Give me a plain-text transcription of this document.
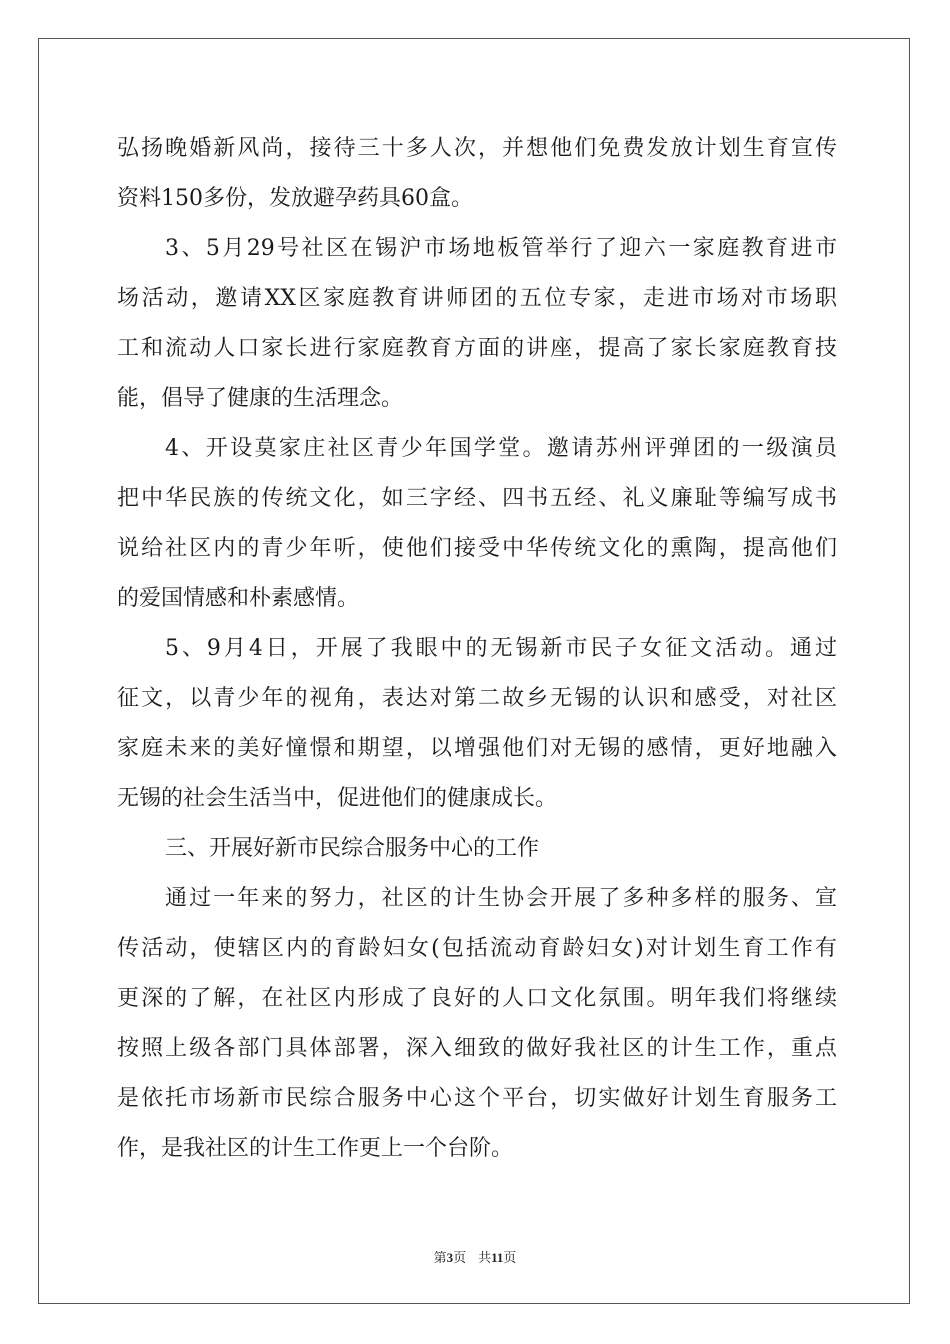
弘扬晚婚新风尚，接待三十多人次，并想他们免费发放计划生育宣传
资料150多份，发放避孕药具60盒。
3、5月29号社区在锡沪市场地板管举行了迎六一家庭教育进市
场活动，邀请XX区家庭教育讲师团的五位专家，走进市场对市场职
工和流动人口家长进行家庭教育方面的讲座，提高了家长家庭教育技
能，倡导了健康的生活理念。
4、开设莫家庄社区青少年国学堂。邀请苏州评弹团的一级演员
把中华民族的传统文化，如三字经、四书五经、礼义廉耻等编写成书
说给社区内的青少年听，使他们接受中华传统文化的熏陶，提高他们
的爱国情感和朴素感情。
5、9月4日，开展了我眼中的无锡新市民子女征文活动。通过
征文，以青少年的视角，表达对第二故乡无锡的认识和感受，对社区
家庭未来的美好憧憬和期望，以增强他们对无锡的感情，更好地融入
无锡的社会生活当中，促进他们的健康成长。
三、开展好新市民综合服务中心的工作
通过一年来的努力，社区的计生协会开展了多种多样的服务、宣
传活动，使辖区内的育龄妇女(包括流动育龄妇女)对计划生育工作有
更深的了解，在社区内形成了良好的人口文化氛围。明年我们将继续
按照上级各部门具体部署，深入细致的做好我社区的计生工作，重点
是依托市场新市民综合服务中心这个平台，切实做好计划生育服务工
作，是我社区的计生工作更上一个台阶。
第3页 共11页
